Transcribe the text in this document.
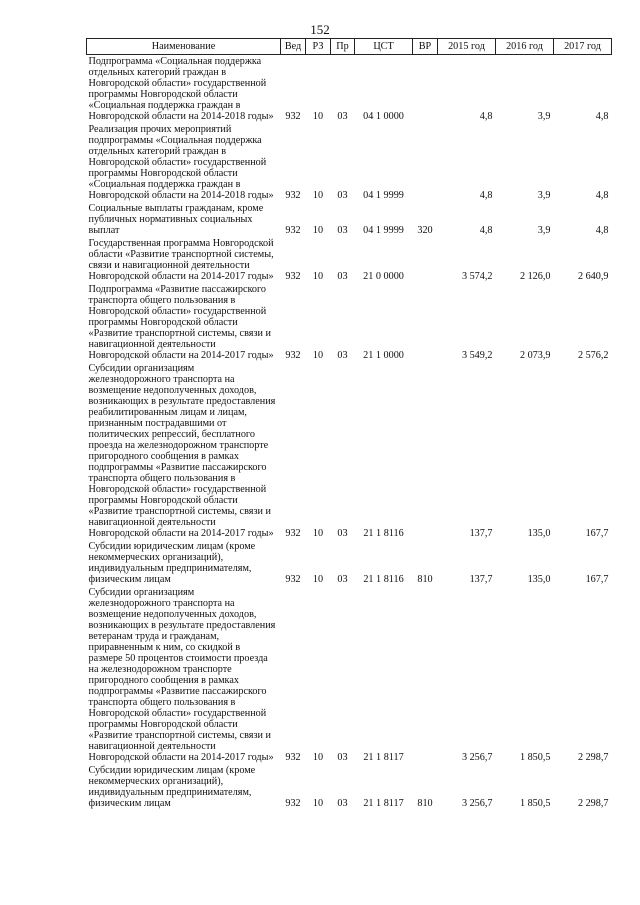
152
Наименование	Вед	РЗ	Пр	ЦСТ	ВР	2015 год	2016 год	2017 год
Подпрограмма «Социальная поддержка отдельных категорий граждан в Новгородской области» государственной программы Новгородской области «Социальная поддержка граждан в Новгородской области на 2014-2018 годы»	932	10	03	04 1 0000		4,8	3,9	4,8
Реализация прочих мероприятий подпрограммы «Социальная поддержка отдельных категорий граждан в Новгородской области» государственной программы Новгородской области «Социальная поддержка граждан в Новгородской области на 2014-2018 годы»	932	10	03	04 1 9999		4,8	3,9	4,8
Социальные выплаты гражданам, кроме публичных нормативных социальных выплат	932	10	03	04 1 9999	320	4,8	3,9	4,8
Государственная программа Новгородской области «Развитие транспортной системы, связи и навигационной деятельности Новгородской области на 2014-2017 годы»	932	10	03	21 0 0000		3 574,2	2 126,0	2 640,9
Подпрограмма «Развитие пассажирского транспорта общего пользования в Новгородской области» государственной программы Новгородской области «Развитие транспортной системы, связи и навигационной деятельности Новгородской области на 2014-2017 годы»	932	10	03	21 1 0000		3 549,2	2 073,9	2 576,2
Субсидии организациям железнодорожного транспорта на возмещение недополученных доходов, возникающих в результате предоставления реабилитированным лицам и лицам, признанным пострадавшими от политических репрессий, бесплатного проезда на железнодорожном транспорте пригородного сообщения в рамках подпрограммы «Развитие пассажирского транспорта общего пользования в Новгородской области» государственной программы Новгородской области «Развитие транспортной системы, связи и навигационной деятельности Новгородской области на 2014-2017 годы»	932	10	03	21 1 8116		137,7	135,0	167,7
Субсидии юридическим лицам (кроме некоммерческих организаций), индивидуальным предпринимателям, физическим лицам	932	10	03	21 1 8116	810	137,7	135,0	167,7
Субсидии организациям железнодорожного транспорта на возмещение недополученных доходов, возникающих в результате предоставления ветеранам труда и гражданам, приравненным к ним, со скидкой в размере 50 процентов стоимости проезда на железнодорожном транспорте пригородного сообщения в рамках подпрограммы «Развитие пассажирского транспорта общего пользования в Новгородской области» государственной программы Новгородской области «Развитие транспортной системы, связи и навигационной деятельности Новгородской области на 2014-2017 годы»	932	10	03	21 1 8117		3 256,7	1 850,5	2 298,7
Субсидии юридическим лицам (кроме некоммерческих организаций), индивидуальным предпринимателям, физическим лицам	932	10	03	21 1 8117	810	3 256,7	1 850,5	2 298,7
